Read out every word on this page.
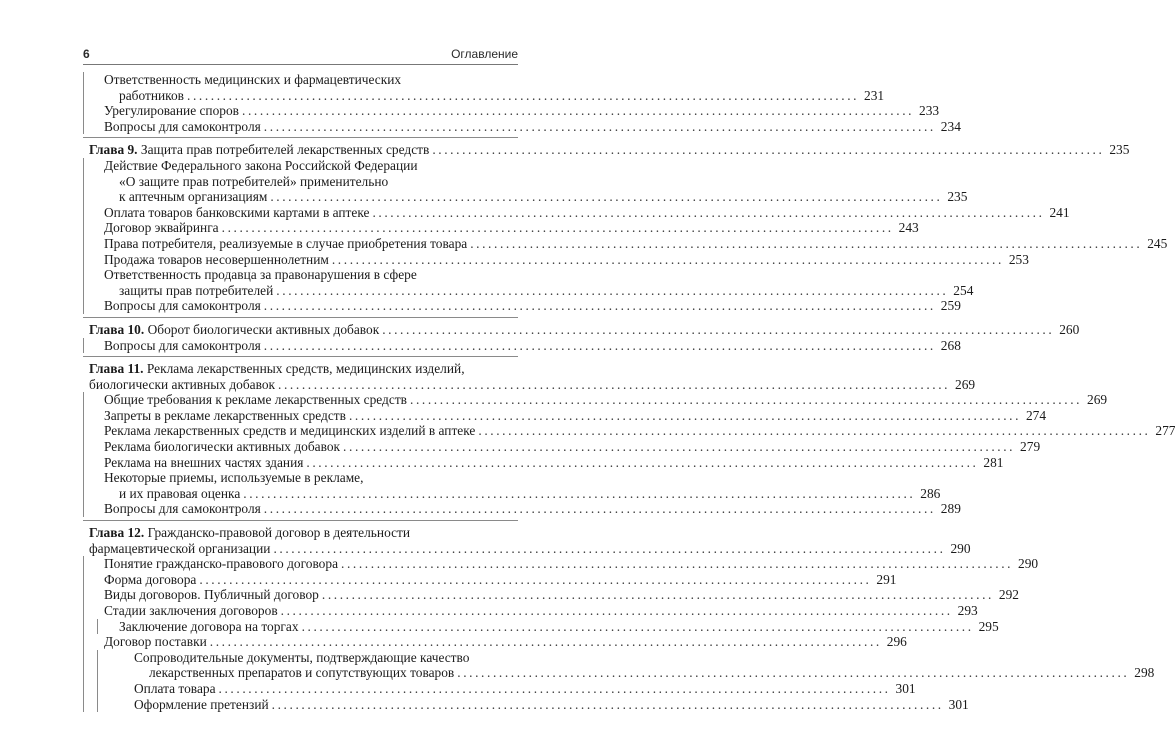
6	Оглавление
Ответственность медицинских и фармацевтических
работников ................................................................................................................. 231
Урегулирование споров ................................................................................................................. 233
Вопросы для самоконтроля ................................................................................................................. 234
Глава 9. Защита прав потребителей лекарственных средств ................................................................................................................. 235
Действие Федерального закона Российской Федерации
«О защите прав потребителей» применительно
к аптечным организациям ................................................................................................................. 235
Оплата товаров банковскими картами в аптеке ................................................................................................................. 241
Договор эквайринга ................................................................................................................. 243
Права потребителя, реализуемые в случае приобретения товара ................................................................................................................. 245
Продажа товаров несовершеннолетним ................................................................................................................. 253
Ответственность продавца за правонарушения в сфере
защиты прав потребителей ................................................................................................................. 254
Вопросы для самоконтроля ................................................................................................................. 259
Глава 10. Оборот биологически активных добавок ................................................................................................................. 260
Вопросы для самоконтроля ................................................................................................................. 268
Глава 11. Реклама лекарственных средств, медицинских изделий,
биологически активных добавок ................................................................................................................. 269
Общие требования к рекламе лекарственных средств ................................................................................................................. 269
Запреты в рекламе лекарственных средств ................................................................................................................. 274
Реклама лекарственных средств и медицинских изделий в аптеке ................................................................................................................. 277
Реклама биологически активных добавок ................................................................................................................. 279
Реклама на внешних частях здания ................................................................................................................. 281
Некоторые приемы, используемые в рекламе,
и их правовая оценка ................................................................................................................. 286
Вопросы для самоконтроля ................................................................................................................. 289
Глава 12. Гражданско-правовой договор в деятельности
фармацевтической организации ................................................................................................................. 290
Понятие гражданско-правового договора ................................................................................................................. 290
Форма договора ................................................................................................................. 291
Виды договоров. Публичный договор ................................................................................................................. 292
Стадии заключения договоров ................................................................................................................. 293
Заключение договора на торгах ................................................................................................................. 295
Договор поставки ................................................................................................................. 296
Сопроводительные документы, подтверждающие качество
лекарственных препаратов и сопутствующих товаров ................................................................................................................. 298
Оплата товара ................................................................................................................. 301
Оформление претензий ................................................................................................................. 301
